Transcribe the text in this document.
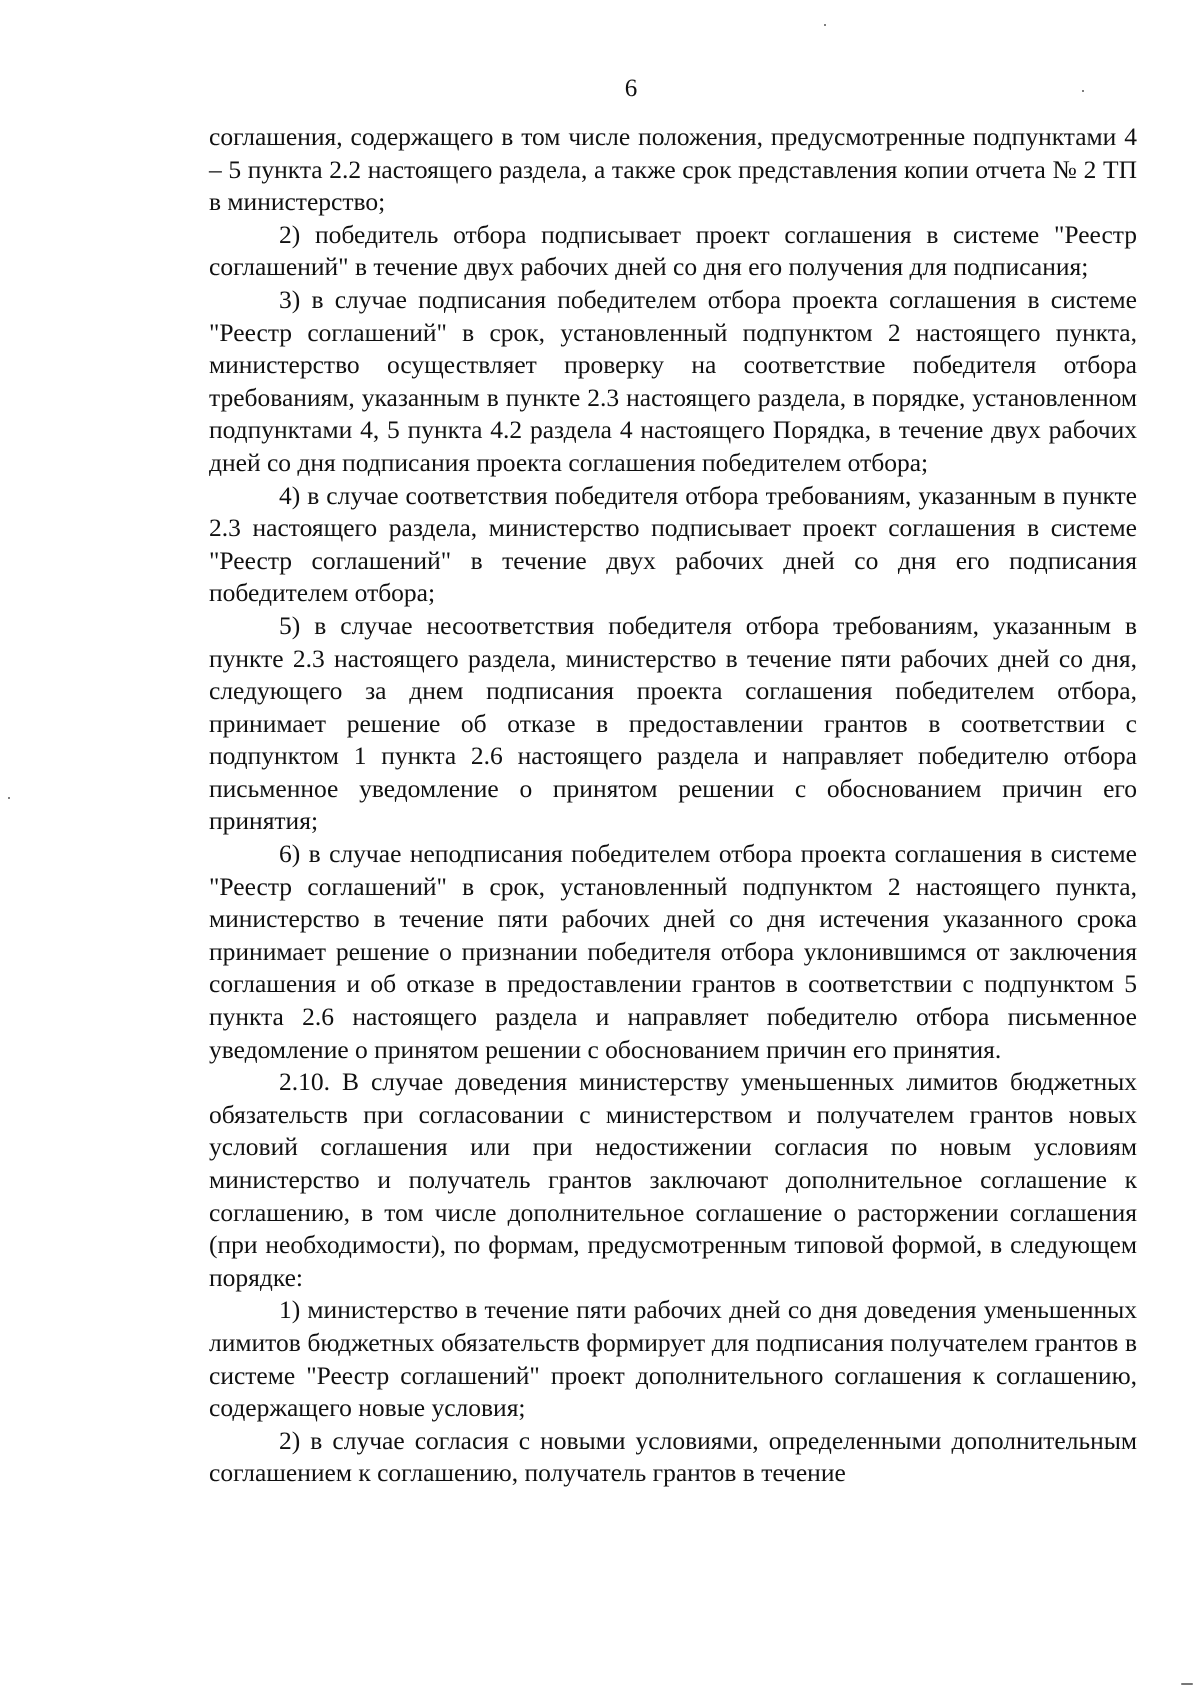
6

соглашения, содержащего в том числе положения, предусмотренные подпунктами 4 – 5 пункта 2.2 настоящего раздела, а также срок представления копии отчета № 2 ТП в министерство;

2) победитель отбора подписывает проект соглашения в системе "Реестр соглашений" в течение двух рабочих дней со дня его получения для подписания;

3) в случае подписания победителем отбора проекта соглашения в системе "Реестр соглашений" в срок, установленный подпунктом 2 настоящего пункта, министерство осуществляет проверку на соответствие победителя отбора требованиям, указанным в пункте 2.3 настоящего раздела, в порядке, установленном подпунктами 4, 5 пункта 4.2 раздела 4 настоящего Порядка, в течение двух рабочих дней со дня подписания проекта соглашения победителем отбора;

4) в случае соответствия победителя отбора требованиям, указанным в пункте 2.3 настоящего раздела, министерство подписывает проект соглашения в системе "Реестр соглашений" в течение двух рабочих дней со дня его подписания победителем отбора;

5) в случае несоответствия победителя отбора требованиям, указанным в пункте 2.3 настоящего раздела, министерство в течение пяти рабочих дней со дня, следующего за днем подписания проекта соглашения победителем отбора, принимает решение об отказе в предоставлении грантов в соответствии с подпунктом 1 пункта 2.6 настоящего раздела и направляет победителю отбора письменное уведомление о принятом решении с обоснованием причин его принятия;

6) в случае неподписания победителем отбора проекта соглашения в системе "Реестр соглашений" в срок, установленный подпунктом 2 настоящего пункта, министерство в течение пяти рабочих дней со дня истечения указанного срока принимает решение о признании победителя отбора уклонившимся от заключения соглашения и об отказе в предоставлении грантов в соответствии с подпунктом 5 пункта 2.6 настоящего раздела и направляет победителю отбора письменное уведомление о принятом решении с обоснованием причин его принятия.

2.10. В случае доведения министерству уменьшенных лимитов бюджетных обязательств при согласовании с министерством и получателем грантов новых условий соглашения или при недостижении согласия по новым условиям министерство и получатель грантов заключают дополнительное соглашение к соглашению, в том числе дополнительное соглашение о расторжении соглашения (при необходимости), по формам, предусмотренным типовой формой, в следующем порядке:

1) министерство в течение пяти рабочих дней со дня доведения уменьшенных лимитов бюджетных обязательств формирует для подписания получателем грантов в системе "Реестр соглашений" проект дополнительного соглашения к соглашению, содержащего новые условия;

2) в случае согласия с новыми условиями, определенными дополнительным соглашением к соглашению, получатель грантов в течение
